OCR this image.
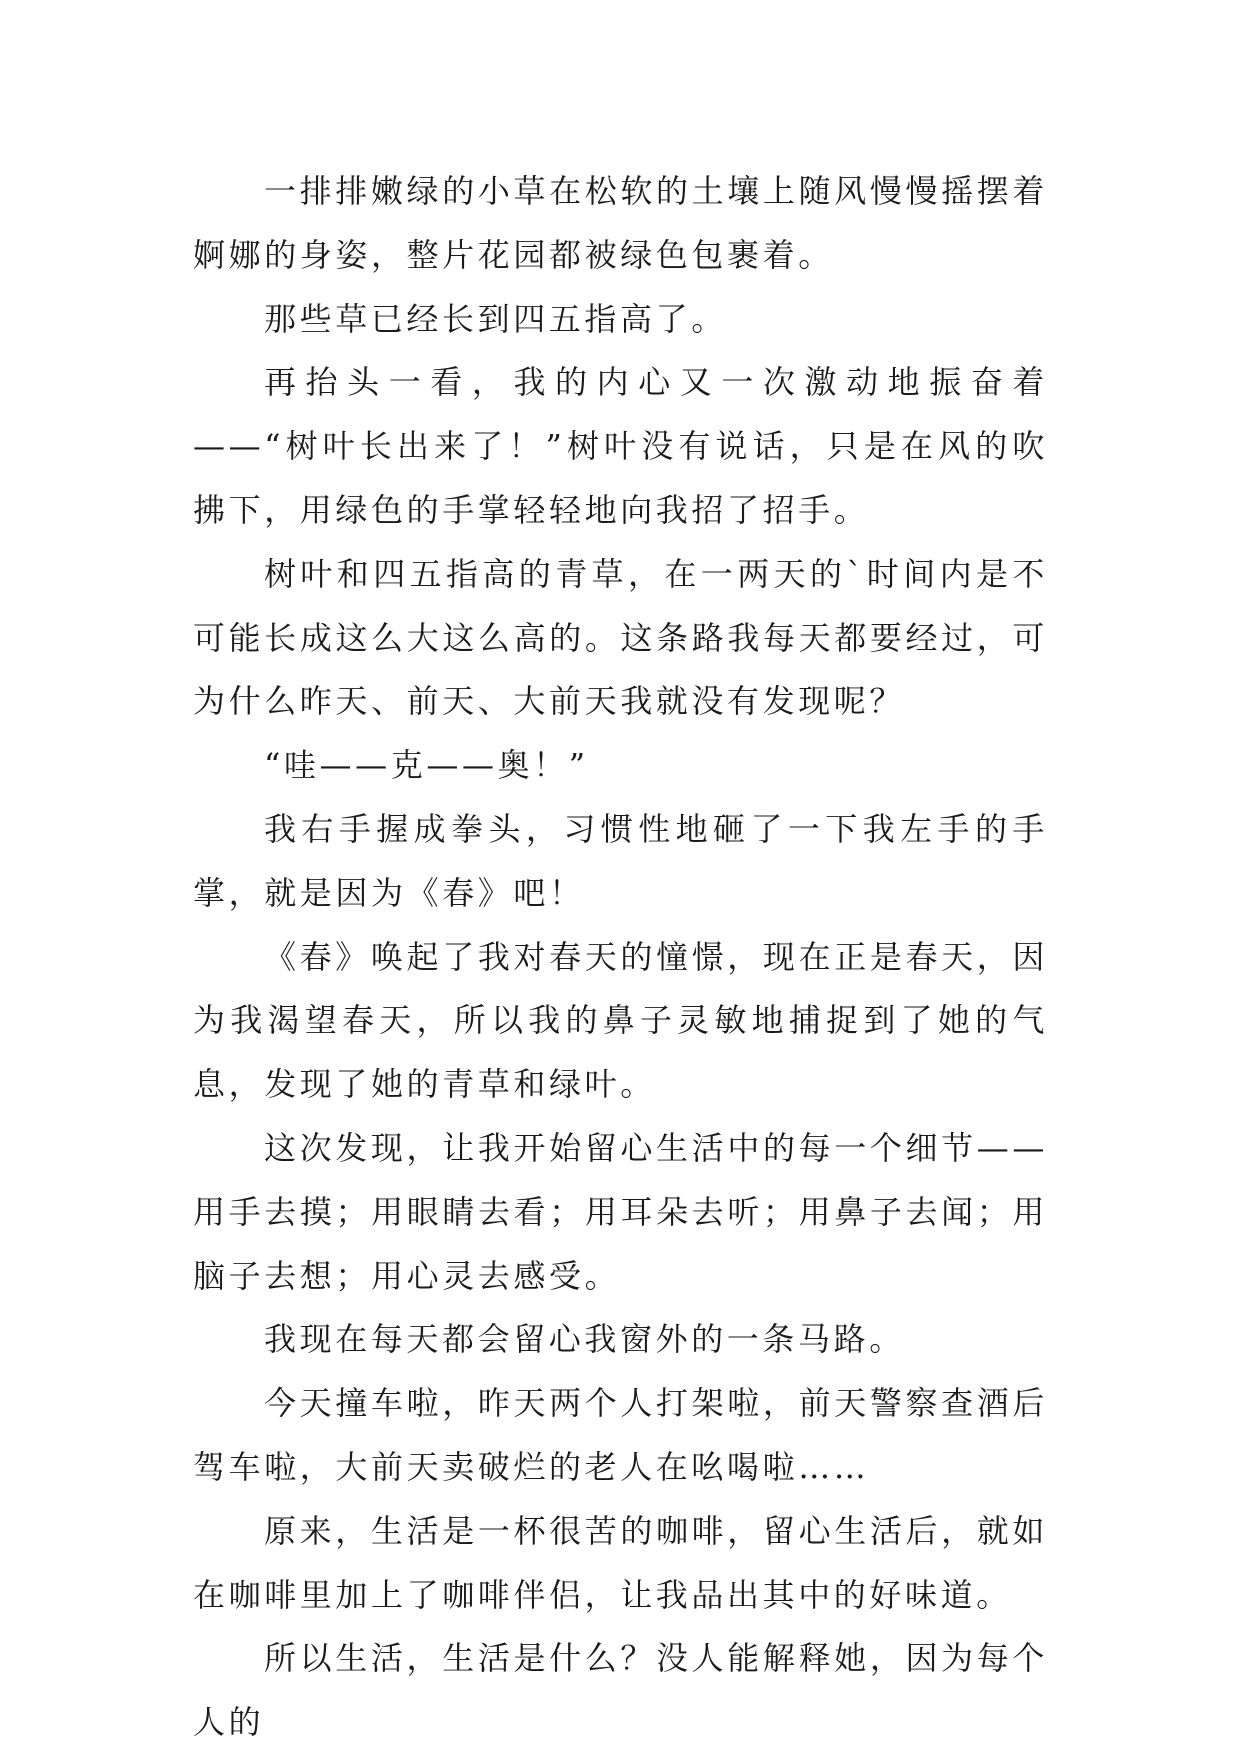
一排排嫩绿的小草在松软的土壤上随风慢慢摇摆着婀娜的身姿，整片花园都被绿色包裹着。

那些草已经长到四五指高了。

再抬头一看，我的内心又一次激动地振奋着——“树叶长出来了！”树叶没有说话，只是在风的吹拂下，用绿色的手掌轻轻地向我招了招手。

树叶和四五指高的青草，在一两天的`时间内是不可能长成这么大这么高的。这条路我每天都要经过，可为什么昨天、前天、大前天我就没有发现呢？

“哇——克——奥！”

我右手握成拳头，习惯性地砸了一下我左手的手掌，就是因为《春》吧！

《春》唤起了我对春天的憧憬，现在正是春天，因为我渴望春天，所以我的鼻子灵敏地捕捉到了她的气息，发现了她的青草和绿叶。

这次发现，让我开始留心生活中的每一个细节——用手去摸；用眼睛去看；用耳朵去听；用鼻子去闻；用脑子去想；用心灵去感受。

我现在每天都会留心我窗外的一条马路。

今天撞车啦，昨天两个人打架啦，前天警察查酒后驾车啦，大前天卖破烂的老人在吆喝啦……

原来，生活是一杯很苦的咖啡，留心生活后，就如在咖啡里加上了咖啡伴侣，让我品出其中的好味道。

所以生活，生活是什么？没人能解释她，因为每个人的
